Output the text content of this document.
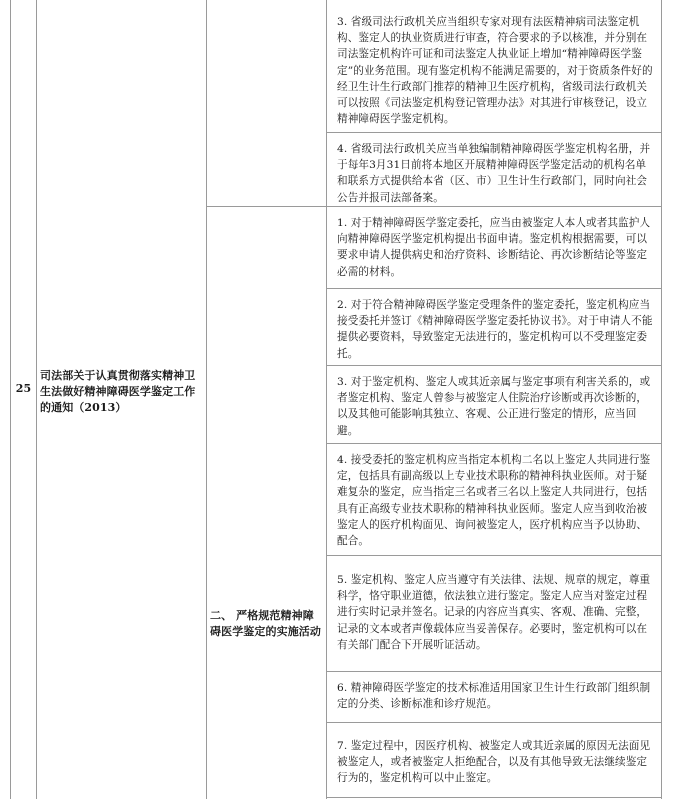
25
司法部关于认真贯彻落实精神卫生法做好精神障碍医学鉴定工作的通知（2013）
二、 严格规范精神障碍医学鉴定的实施活动
3. 省级司法行政机关应当组织专家对现有法医精神病司法鉴定机构、鉴定人的执业资质进行审查，符合要求的予以核准，并分别在司法鉴定机构许可证和司法鉴定人执业证上增加“精神障碍医学鉴定”的业务范围。现有鉴定机构不能满足需要的，对于资质条件好的经卫生计生行政部门推荐的精神卫生医疗机构，省级司法行政机关可以按照《司法鉴定机构登记管理办法》对其进行审核登记，设立精神障碍医学鉴定机构。
4. 省级司法行政机关应当单独编制精神障碍医学鉴定机构名册，并于每年3月31日前将本地区开展精神障碍医学鉴定活动的机构名单和联系方式提供给本省（区、市）卫生计生行政部门，同时向社会公告并报司法部备案。
1. 对于精神障碍医学鉴定委托，应当由被鉴定人本人或者其监护人向精神障碍医学鉴定机构提出书面申请。鉴定机构根据需要，可以要求申请人提供病史和治疗资料、诊断结论、再次诊断结论等鉴定必需的材料。
2. 对于符合精神障碍医学鉴定受理条件的鉴定委托，鉴定机构应当接受委托并签订《精神障碍医学鉴定委托协议书》。对于申请人不能提供必要资料，导致鉴定无法进行的，鉴定机构可以不受理鉴定委托。
3. 对于鉴定机构、鉴定人或其近亲属与鉴定事项有利害关系的，或者鉴定机构、鉴定人曾参与被鉴定人住院治疗诊断或再次诊断的，以及其他可能影响其独立、客观、公正进行鉴定的情形，应当回避。
4. 接受委托的鉴定机构应当指定本机构二名以上鉴定人共同进行鉴定，包括具有副高级以上专业技术职称的精神科执业医师。对于疑难复杂的鉴定，应当指定三名或者三名以上鉴定人共同进行，包括具有正高级专业技术职称的精神科执业医师。鉴定人应当到收治被鉴定人的医疗机构面见、询问被鉴定人，医疗机构应当予以协助、配合。
5. 鉴定机构、鉴定人应当遵守有关法律、法规、规章的规定，尊重科学，恪守职业道德，依法独立进行鉴定。鉴定人应当对鉴定过程进行实时记录并签名。记录的内容应当真实、客观、准确、完整，记录的文本或者声像载体应当妥善保存。必要时，鉴定机构可以在有关部门配合下开展听证活动。
6. 精神障碍医学鉴定的技术标准适用国家卫生计生行政部门组织制定的分类、诊断标准和诊疗规范。
7. 鉴定过程中，因医疗机构、被鉴定人或其近亲属的原因无法面见被鉴定人，或者被鉴定人拒绝配合，以及有其他导致无法继续鉴定行为的，鉴定机构可以中止鉴定。
